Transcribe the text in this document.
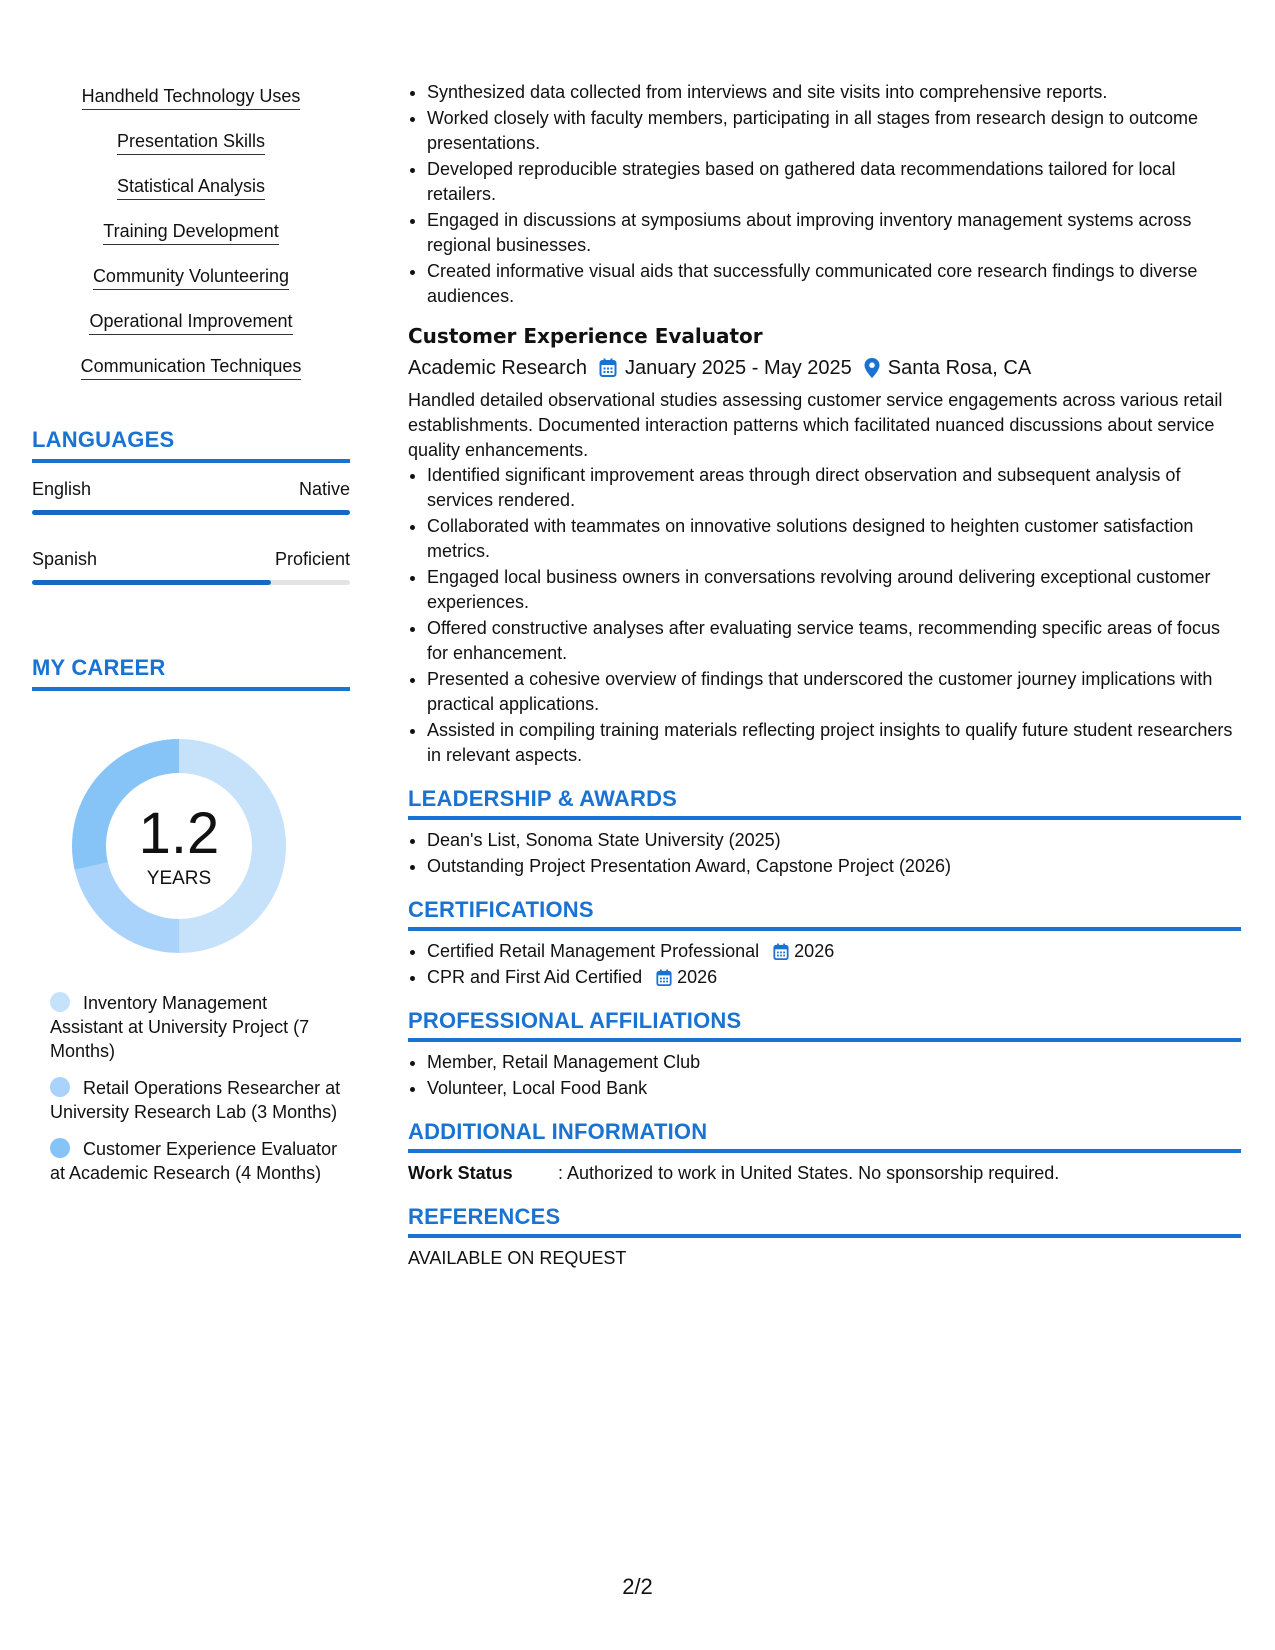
Handheld Technology Uses
Presentation Skills
Statistical Analysis
Training Development
Community Volunteering
Operational Improvement
Communication Techniques
LANGUAGES
English	Native
Spanish	Proficient
MY CAREER
1.2
YEARS
Inventory Management Assistant at University Project (7 Months)
Retail Operations Researcher at University Research Lab (3 Months)
Customer Experience Evaluator at Academic Research (4 Months)
• Synthesized data collected from interviews and site visits into comprehensive reports.
• Worked closely with faculty members, participating in all stages from research design to outcome presentations.
• Developed reproducible strategies based on gathered data recommendations tailored for local retailers.
• Engaged in discussions at symposiums about improving inventory management systems across regional businesses.
• Created informative visual aids that successfully communicated core research findings to diverse audiences.
Customer Experience Evaluator
Academic Research January 2025 - May 2025 Santa Rosa, CA
Handled detailed observational studies assessing customer service engagements across various retail establishments. Documented interaction patterns which facilitated nuanced discussions about service quality enhancements.
• Identified significant improvement areas through direct observation and subsequent analysis of services rendered.
• Collaborated with teammates on innovative solutions designed to heighten customer satisfaction metrics.
• Engaged local business owners in conversations revolving around delivering exceptional customer experiences.
• Offered constructive analyses after evaluating service teams, recommending specific areas of focus for enhancement.
• Presented a cohesive overview of findings that underscored the customer journey implications with practical applications.
• Assisted in compiling training materials reflecting project insights to qualify future student researchers in relevant aspects.
LEADERSHIP & AWARDS
• Dean's List, Sonoma State University (2025)
• Outstanding Project Presentation Award, Capstone Project (2026)
CERTIFICATIONS
• Certified Retail Management Professional 2026
• CPR and First Aid Certified 2026
PROFESSIONAL AFFILIATIONS
• Member, Retail Management Club
• Volunteer, Local Food Bank
ADDITIONAL INFORMATION
Work Status	: Authorized to work in United States. No sponsorship required.
REFERENCES
AVAILABLE ON REQUEST
2/2
